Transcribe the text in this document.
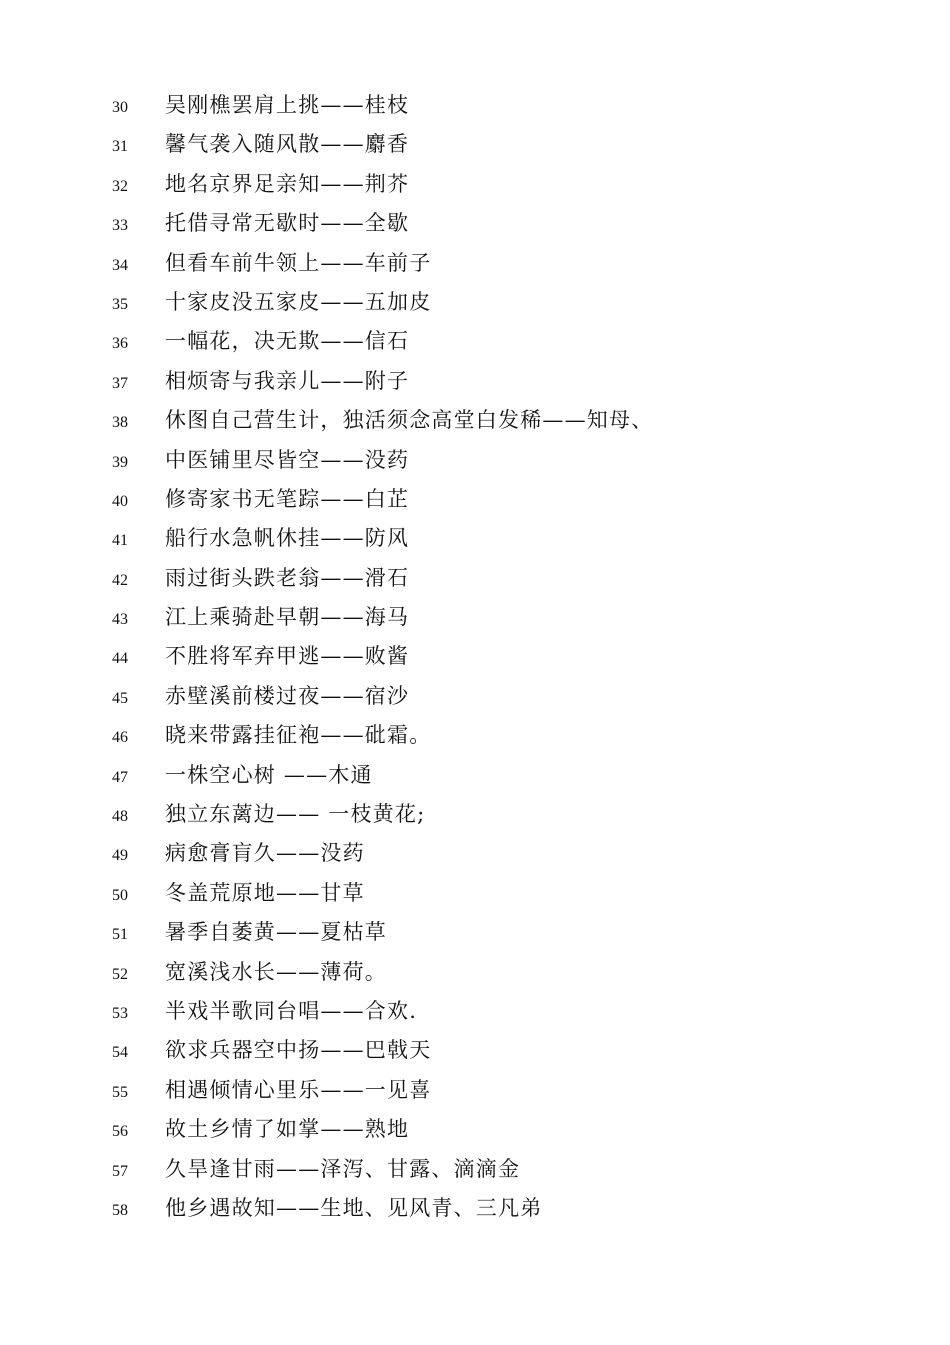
30 吴刚樵罢肩上挑——桂枝
31 馨气袭入随风散——麝香
32 地名京界足亲知——荆芥
33 托借寻常无歇时——全歇
34 但看车前牛领上——车前子
35 十家皮没五家皮——五加皮
36 一幅花，决无欺——信石
37 相烦寄与我亲儿——附子
38 休图自己营生计，独活须念高堂白发稀——知母、
39 中医铺里尽皆空——没药
40 修寄家书无笔踪——白芷
41 船行水急帆休挂——防风
42 雨过街头跌老翁——滑石
43 江上乘骑赴早朝——海马
44 不胜将军弃甲逃——败酱
45 赤壁溪前楼过夜——宿沙
46 晓来带露挂征袍——砒霜。
47 一株空心树 ——木通
48 独立东蓠边—— 一枝黄花;
49 病愈膏肓久——没药
50 冬盖荒原地——甘草
51 暑季自萎黄——夏枯草
52 宽溪浅水长——薄荷。
53 半戏半歌同台唱——合欢.
54 欲求兵器空中扬——巴戟天
55 相遇倾情心里乐——一见喜
56 故土乡情了如掌——熟地
57 久旱逢甘雨——泽泻、甘露、滴滴金
58 他乡遇故知——生地、见风青、三凡弟
